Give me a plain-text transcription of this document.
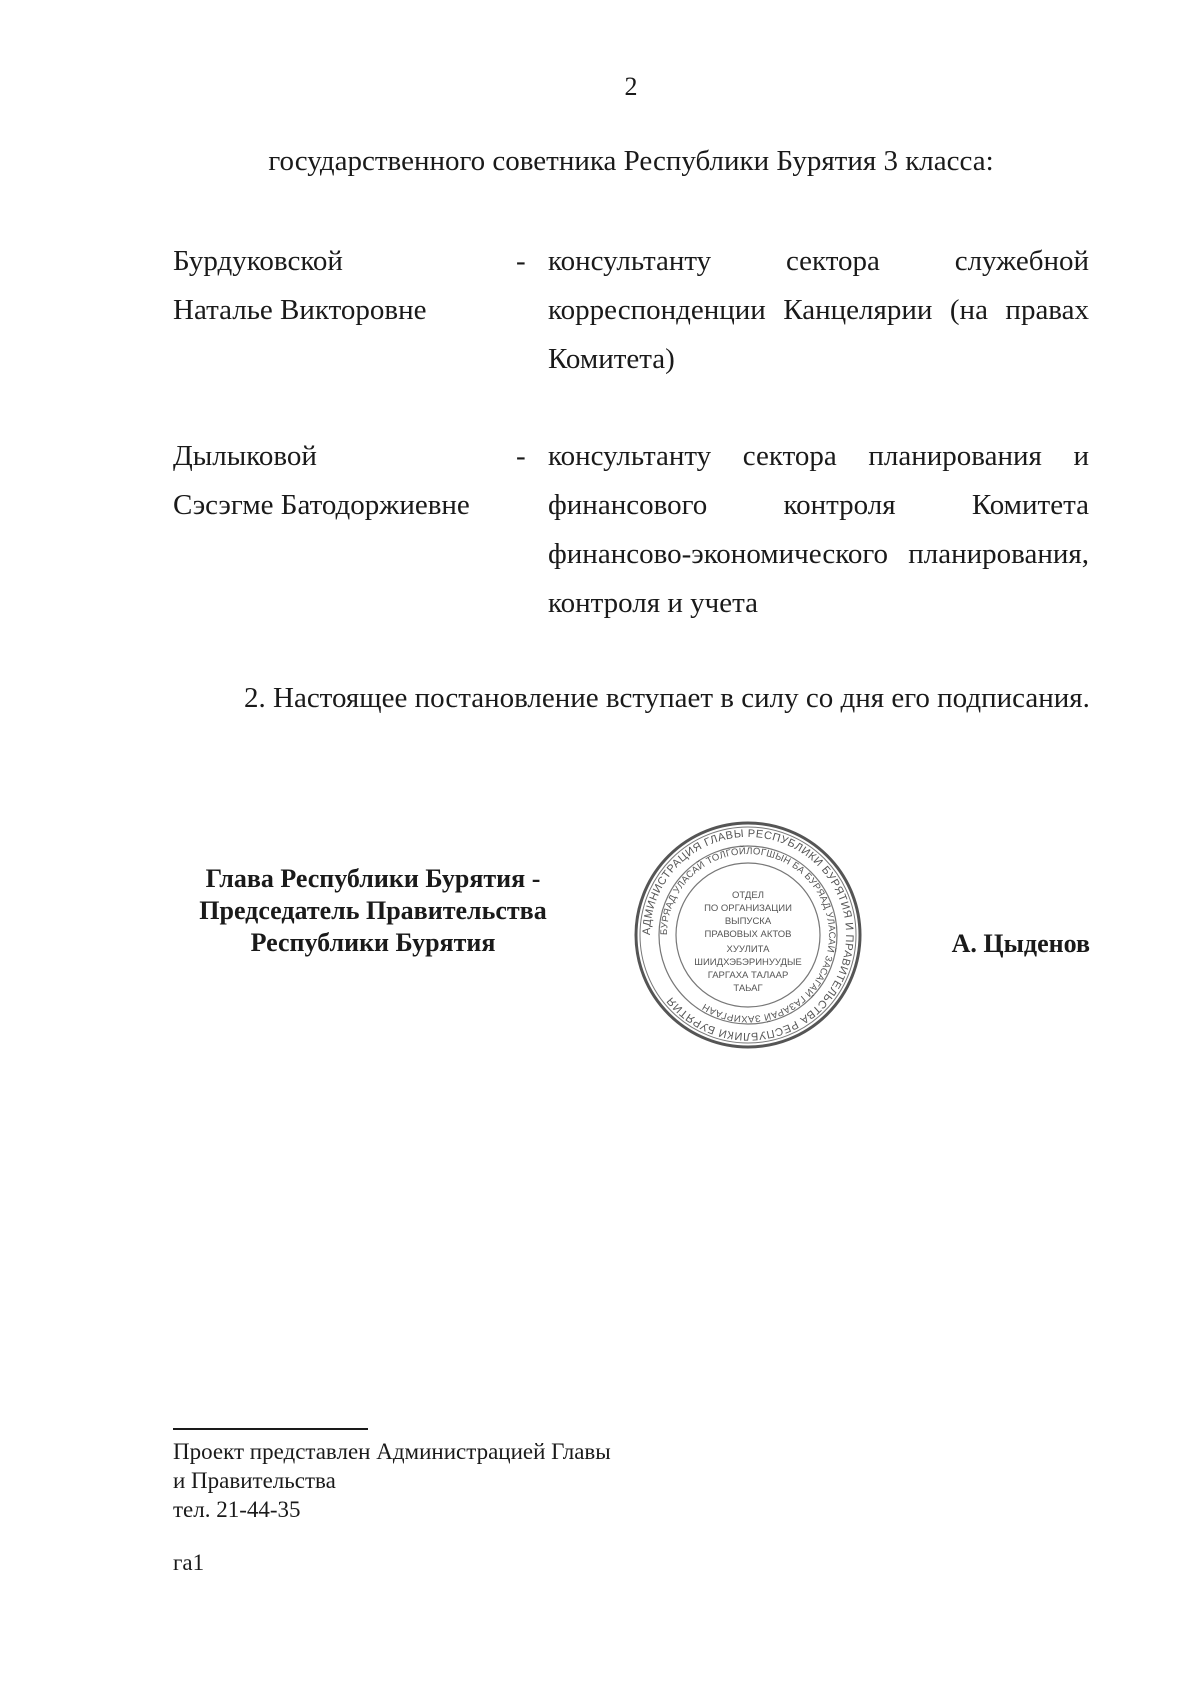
2
государственного советника Республики Бурятия 3 класса:
Бурдуковской
Наталье Викторовне
- консультанту сектора служебной корреспонденции Канцелярии (на правах Комитета)
Дылыковой
Сэсэгме Батодоржиевне
- консультанту сектора планирования и финансового контроля Комитета финансово-экономического планирования, контроля и учета
2. Настоящее постановление вступает в силу со дня его подписания.
Глава Республики Бурятия -
Председатель Правительства
Республики Бурятия	АДМИНИСТРАЦИЯ ГЛАВЫ РЕСПУБЛИКИ БУРЯТИЯ И ПРАВИТЕЛЬСТВА РЕСПУБЛИКИ БУРЯТИЯ
БУРЯАД УЛАСАЙ ТОЛГОЙЛОГШЫН БА БУРЯАД УЛАСАЙ ЗАСАГАЙ ГАЗАРАЙ ЗАХИРГААН
ОТДЕЛ
ПО ОРГАНИЗАЦИИ
ВЫПУСКА
ПРАВОВЫХ АКТОВ
ХУУЛИТА
ШИИДХЭБЭРИНУУДЫЕ
ГАРГАХА ТАЛААР
ТАЬАГ
А. Цыденов
Проект представлен Администрацией Главы
и Правительства
тел. 21-44-35
га1
